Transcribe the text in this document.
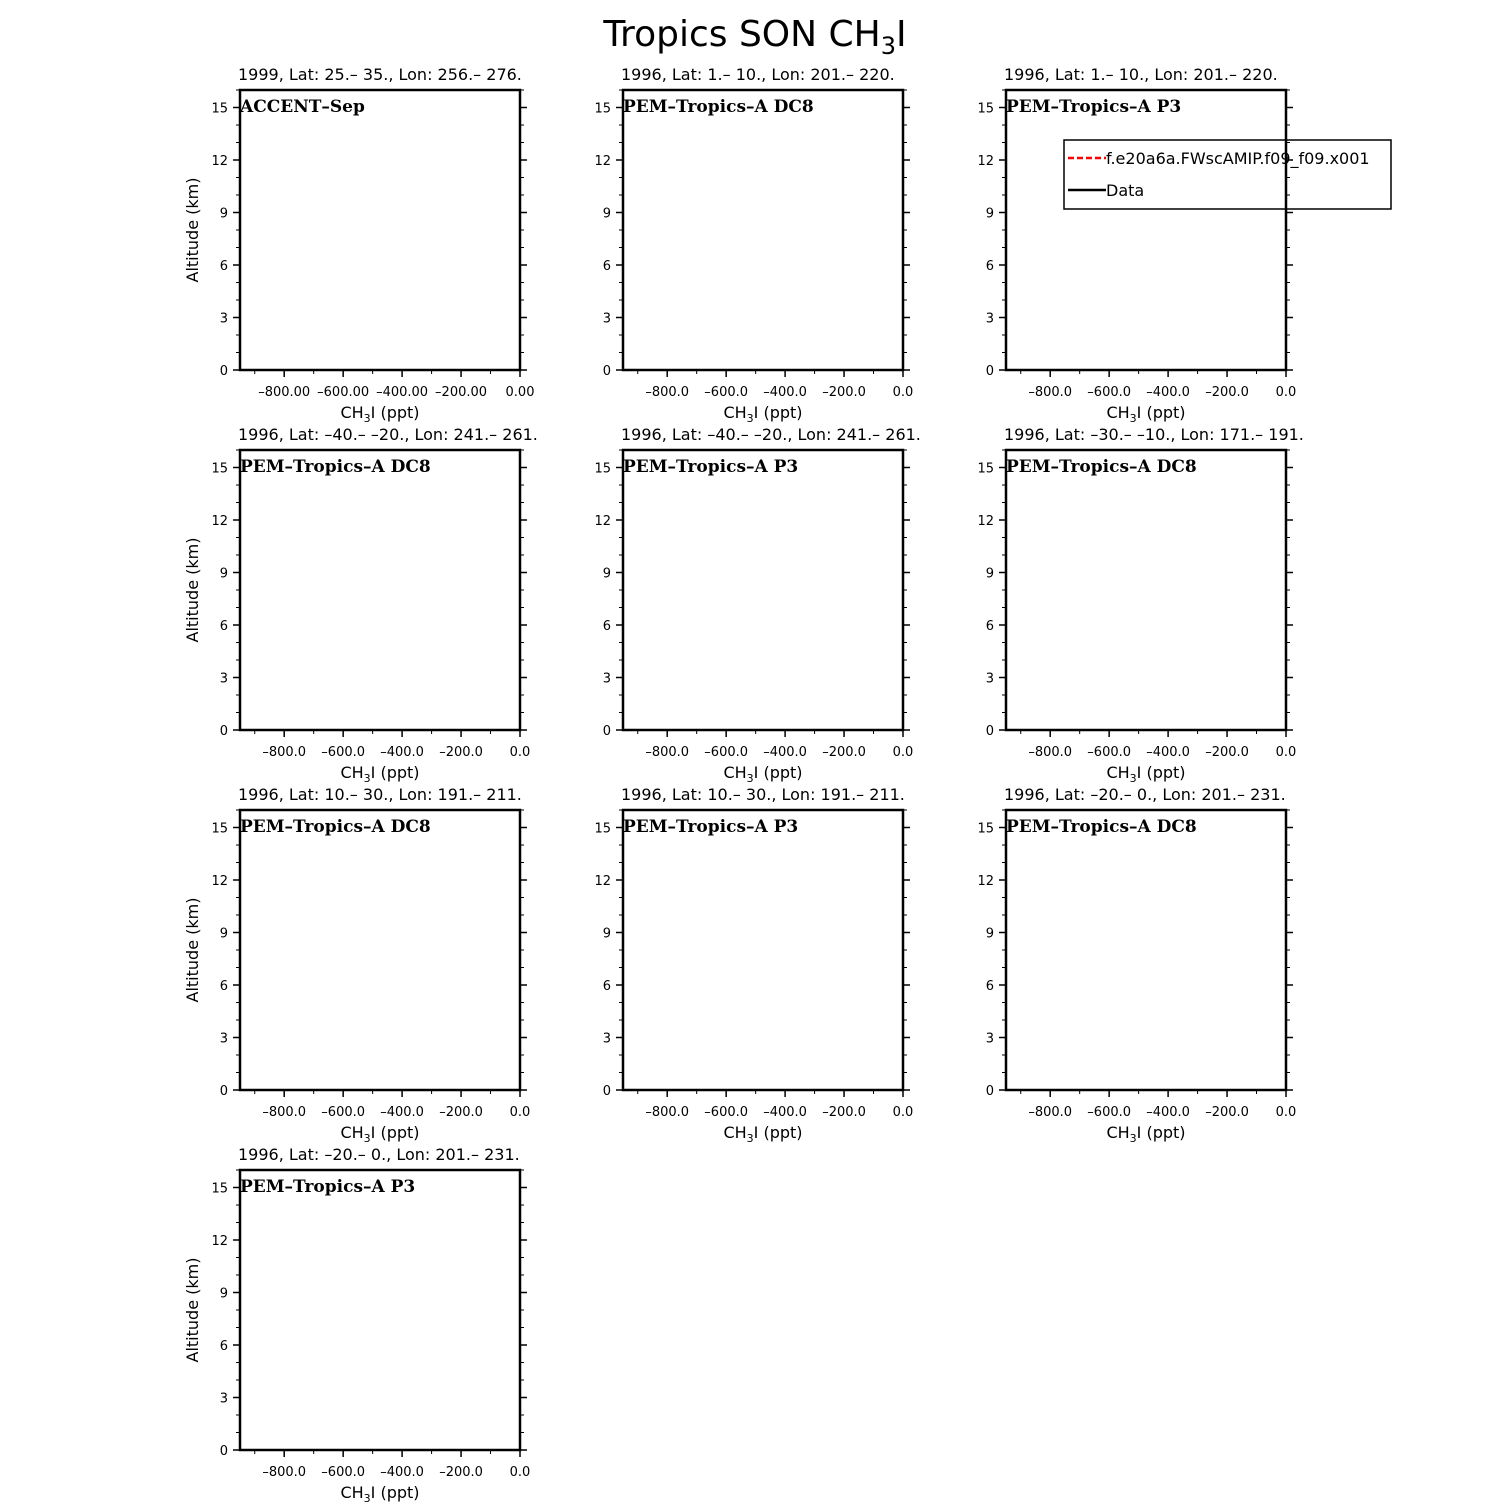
Tropics SON $CH_3I$
1999, Lat: 25.– 35., Lon: 256.– 276.
ACCENT–Sep
0
3
6
9
12
15
–800.00 –600.00 –400.00 –200.00 0.00
$CH_3I$ (ppt)
Altitude (km)
1996, Lat: 1.– 10., Lon: 201.– 220.
PEM–Tropics–A DC8
0
3
6
9
12
15
–800.0 –600.0 –400.0 –200.0 0.0
$CH_3I$ (ppt)
1996, Lat: 1.– 10., Lon: 201.– 220.
PEM–Tropics–A P3
0
3
6
9
12
15
–800.0 –600.0 –400.0 –200.0 0.0
$CH_3I$ (ppt)
1996, Lat: –40.– –20., Lon: 241.– 261.
PEM–Tropics–A DC8
0
3
6
9
12
15
–800.0 –600.0 –400.0 –200.0 0.0
$CH_3I$ (ppt)
Altitude (km)
1996, Lat: –40.– –20., Lon: 241.– 261.
PEM–Tropics–A P3
0
3
6
9
12
15
–800.0 –600.0 –400.0 –200.0 0.0
$CH_3I$ (ppt)
1996, Lat: –30.– –10., Lon: 171.– 191.
PEM–Tropics–A DC8
0
3
6
9
12
15
–800.0 –600.0 –400.0 –200.0 0.0
$CH_3I$ (ppt)
1996, Lat: 10.– 30., Lon: 191.– 211.
PEM–Tropics–A DC8
0
3
6
9
12
15
–800.0 –600.0 –400.0 –200.0 0.0
$CH_3I$ (ppt)
Altitude (km)
1996, Lat: 10.– 30., Lon: 191.– 211.
PEM–Tropics–A P3
0
3
6
9
12
15
–800.0 –600.0 –400.0 –200.0 0.0
$CH_3I$ (ppt)
1996, Lat: –20.– 0., Lon: 201.– 231.
PEM–Tropics–A DC8
0
3
6
9
12
15
–800.0 –600.0 –400.0 –200.0 0.0
$CH_3I$ (ppt)
1996, Lat: –20.– 0., Lon: 201.– 231.
PEM–Tropics–A P3
0
3
6
9
12
15
–800.0 –600.0 –400.0 –200.0 0.0
$CH_3I$ (ppt)
Altitude (km)
f.e20a6a.FWscAMIP.f09_f09.x001
Data
